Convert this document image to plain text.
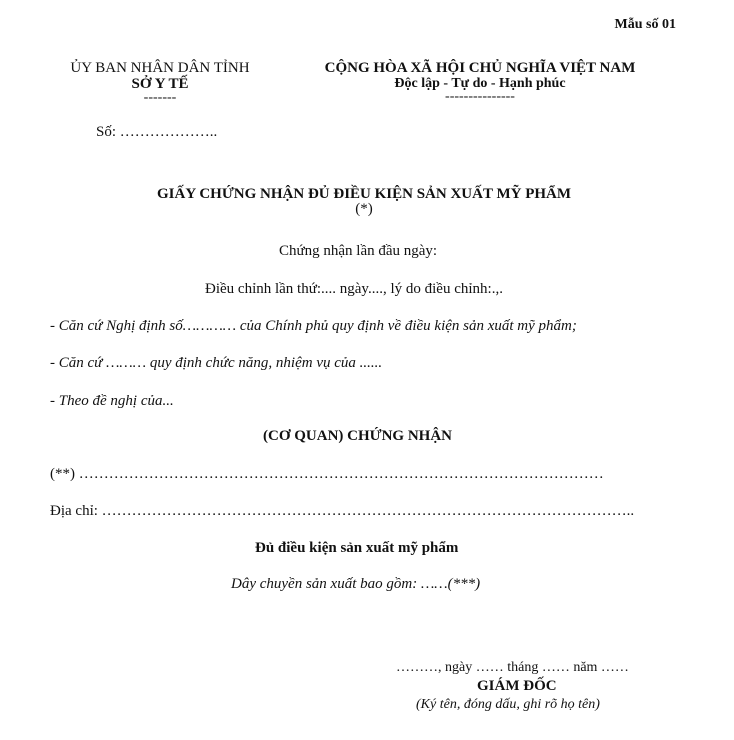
Mẫu số 01
ỦY BAN NHÂN DÂN TỈNH
SỞ Y TẾ
-------
Số: ………………..
CỘNG HÒA XÃ HỘI CHỦ NGHĨA VIỆT NAM
Độc lập - Tự do - Hạnh phúc
---------------
GIẤY CHỨNG NHẬN ĐỦ ĐIỀU KIỆN SẢN XUẤT MỸ PHẨM
(*)
Chứng nhận lần đầu ngày:
Điều chỉnh lần thứ:.... ngày...., lý do điều chỉnh:.,.
- Căn cứ Nghị định số………… của Chính phủ quy định về điều kiện sản xuất mỹ phẩm;
- Căn cứ ……… quy định chức năng, nhiệm vụ của ......
- Theo đề nghị của...
(CƠ QUAN) CHỨNG NHẬN
(**) ……………………………………………………………………………………………
Địa chỉ: ……………………………………………………………………………………………..
Đủ điều kiện sản xuất mỹ phẩm
Dây chuyền sản xuất bao gồm: ……(***)
………, ngày …… tháng …… năm ……
GIÁM ĐỐC
(Ký tên, đóng dấu, ghi rõ họ tên)
